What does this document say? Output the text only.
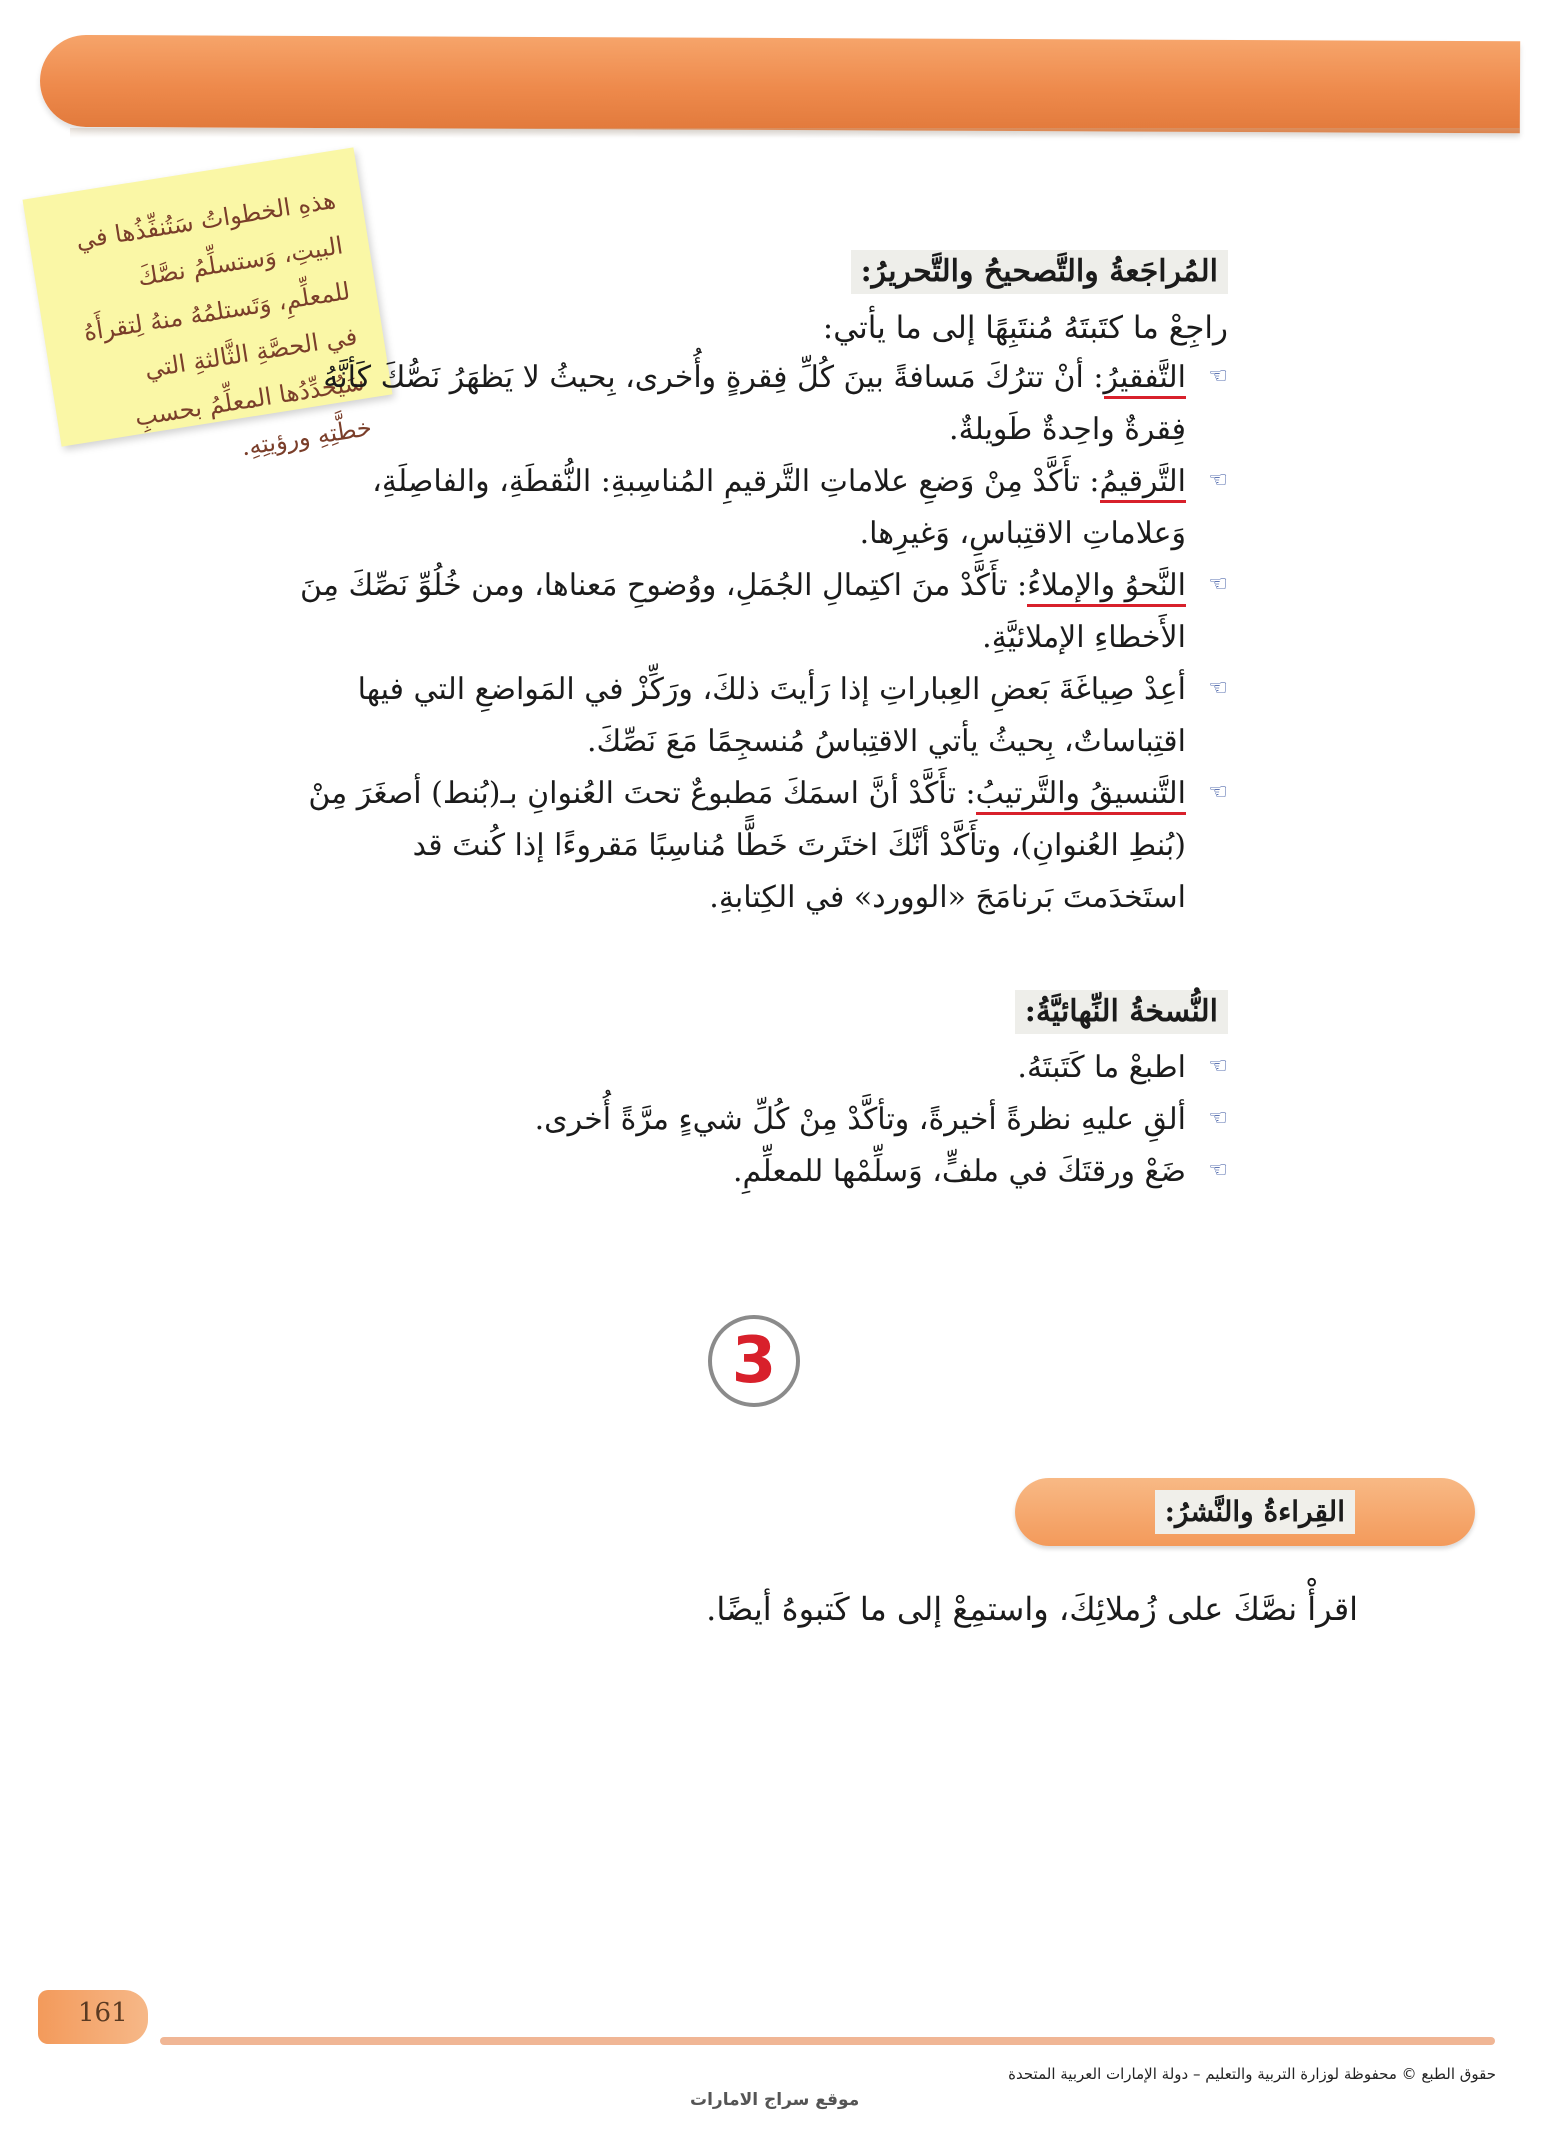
هذهِ الخطواتُ سَتُنفِّذُها في البيتِ، وَستسلِّمُ نصَّكَ للمعلِّمِ، وَتَستلمُهُ منهُ لِتقرأَهُ في الحصَّةِ الثَّالثةِ التي سَيُحدِّدُها المعلِّمُ بحسبِ خطَّتِهِ ورؤيتِهِ.
المُراجَعةُ والتَّصحيحُ والتَّحريرُ:
راجِعْ ما كتَبتَهُ مُنتَبِهًا إلى ما يأتي:
☜
التَّفقيرُ: أنْ تترُكَ مَسافةً بينَ كُلِّ فِقرةٍ وأُخرى، بِحيثُ لا يَظهَرُ نَصُّكَ كَأنَّهُ فِقرةٌ واحِدةٌ طَويلةٌ.
☜
التَّرقيمُ: تأَكَّدْ مِنْ وَضعِ علاماتِ التَّرقيمِ المُناسِبةِ: النُّقطَةِ، والفاصِلَةِ، وَعلاماتِ الاقتِباسِ، وَغيرِها.
☜
النَّحوُ والإملاءُ: تأَكَّدْ منَ اكتِمالِ الجُمَلِ، ووُضوحِ مَعناها، ومن خُلُوِّ نَصِّكَ مِنَ الأَخطاءِ الإملائيَّةِ.
☜
أعِدْ صِياغَةَ بَعضِ العِباراتِ إذا رَأيتَ ذلكَ، ورَكِّزْ في المَواضعِ التي فيها اقتِباساتٌ، بِحيثُ يأتي الاقتِباسُ مُنسجِمًا مَعَ نَصِّكَ.
☜
التَّنسيقُ والتَّرتيبُ: تأَكَّدْ أنَّ اسمَكَ مَطبوعٌ تحتَ العُنوانِ بـ(بُنط) أصغَرَ مِنْ (بُنطِ العُنوانِ)، وتأَكَّدْ أنَّكَ اختَرتَ خَطًّا مُناسِبًا مَقروءًا إذا كُنتَ قد استَخدَمتَ بَرنامَجَ «الوورد» في الكِتابةِ.
النُّسخةُ النِّهائيَّةُ:
☜
اطبعْ ما كَتَبتَهُ.
☜
ألقِ عليهِ نظرةً أخيرةً، وتأكَّدْ مِنْ كُلِّ شيءٍ مرَّةً أُخرى.
☜
ضَعْ ورقتَكَ في ملفٍّ، وَسلِّمْها للمعلِّمِ.
3
القِراءةُ والنَّشرُ:
اقرأْ نصَّكَ على زُملائِكَ، واستمِعْ إلى ما كَتبوهُ أيضًا.
161
حقوق الطبع © محفوظة لوزارة التربية والتعليم – دولة الإمارات العربية المتحدة
موقع سراج الامارات
